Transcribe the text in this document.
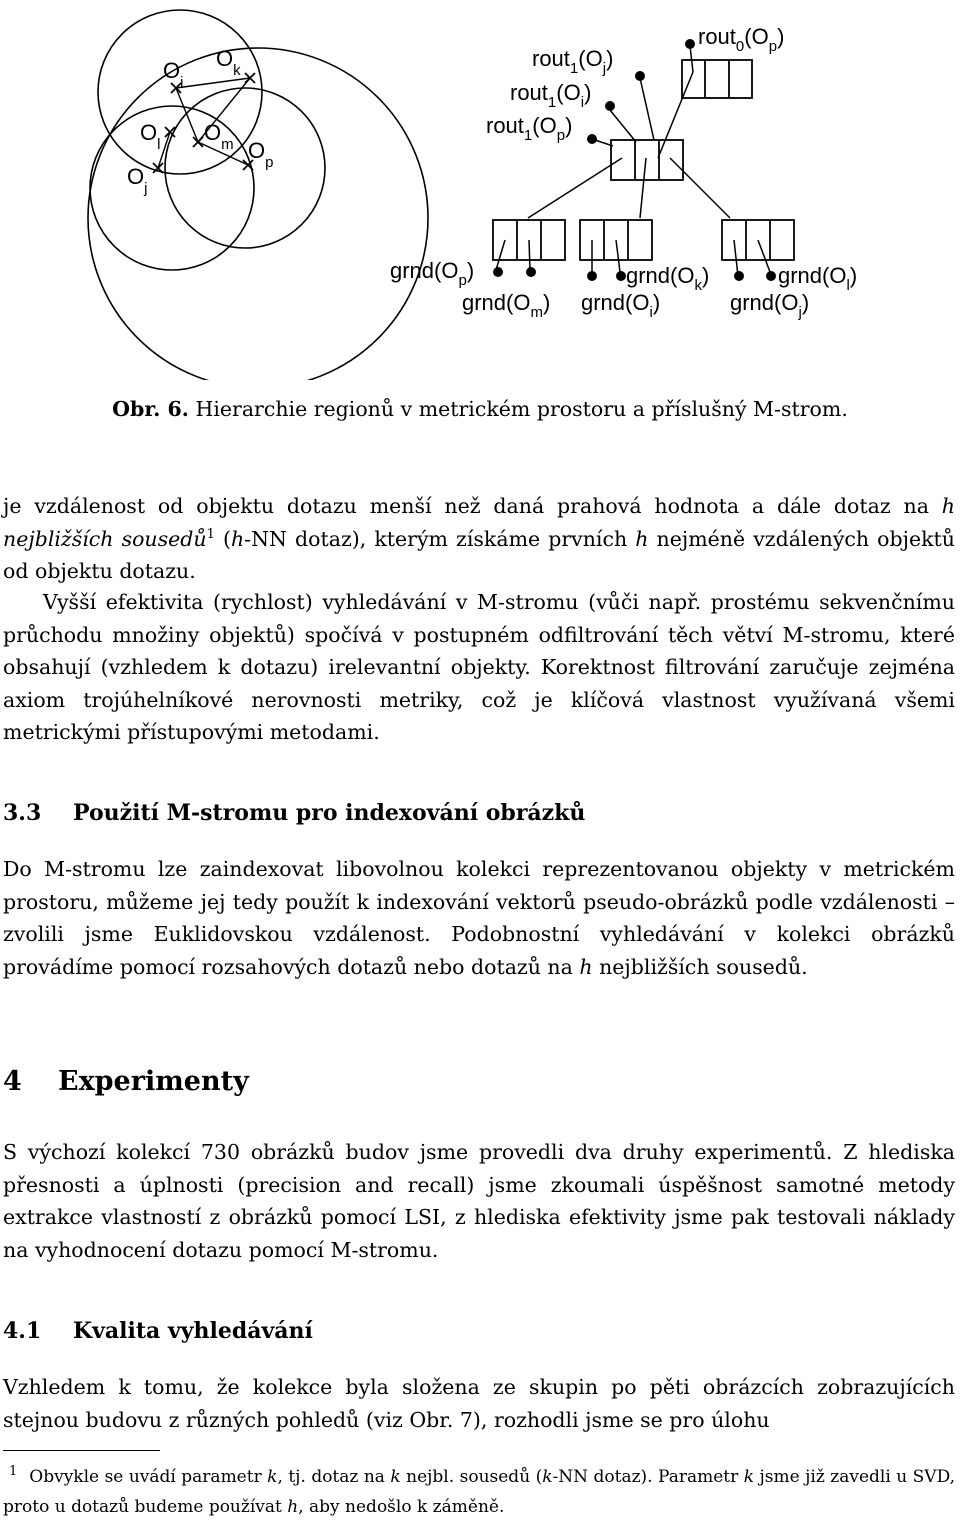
$O_i$
$O_k$
$O_l$ $O_m$ $O_p$
$O_j$
$rout_0(O_p)$
$rout_1(O_j)$
$rout_1(O_i)$
$rout_1(O_p)$
$grnd(O_p)$
$grnd(O_m)$ $grnd(O_i)$
$grnd(O_k)$	$grnd(O_l)$
$grnd(O_j)$
Obr. 6. Hierarchie regionů v metrickém prostoru a příslušný M-strom.

je vzdálenost od objektu dotazu menší než daná prahová hodnota a dále dotaz na h nejbližších sousedů$^1$ (h-NN dotaz), kterým získáme prvních h nejméně vzdálených objektů od objektu dotazu.

Vyšší efektivita (rychlost) vyhledávání v M-stromu (vůči např. prostému sekvenčnímu průchodu množiny objektů) spočívá v postupném odfiltrování těch větví M-stromu, které obsahují (vzhledem k dotazu) irelevantní objekty. Korektnost filtrování zaručuje zejména axiom trojúhelníkové nerovnosti metriky, což je klíčová vlastnost využívaná všemi metrickými přístupovými metodami.

3.3 Použití M-stromu pro indexování obrázků

Do M-stromu lze zaindexovat libovolnou kolekci reprezentovanou objekty v metrickém prostoru, můžeme jej tedy použít k indexování vektorů pseudo-obrázků podle vzdálenosti – zvolili jsme Euklidovskou vzdálenost. Podobnostní vyhledávání v kolekci obrázků provádíme pomocí rozsahových dotazů nebo dotazů na h nejbližších sousedů.

4 Experimenty

S výchozí kolekcí 730 obrázků budov jsme provedli dva druhy experimentů. Z hlediska přesnosti a úplnosti (precision and recall) jsme zkoumali úspěšnost samotné metody extrakce vlastností z obrázků pomocí LSI, z hlediska efektivity jsme pak testovali náklady na vyhodnocení dotazu pomocí M-stromu.

4.1 Kvalita vyhledávání

Vzhledem k tomu, že kolekce byla složena ze skupin po pěti obrázcích zobrazujících stejnou budovu z různých pohledů (viz Obr. 7), rozhodli jsme se pro úlohu

1 Obvykle se uvádí parametr k, tj. dotaz na k nejbl. sousedů (k-NN dotaz). Parametr k jsme již zavedli u SVD, proto u dotazů budeme používat h, aby nedošlo k záměně.
